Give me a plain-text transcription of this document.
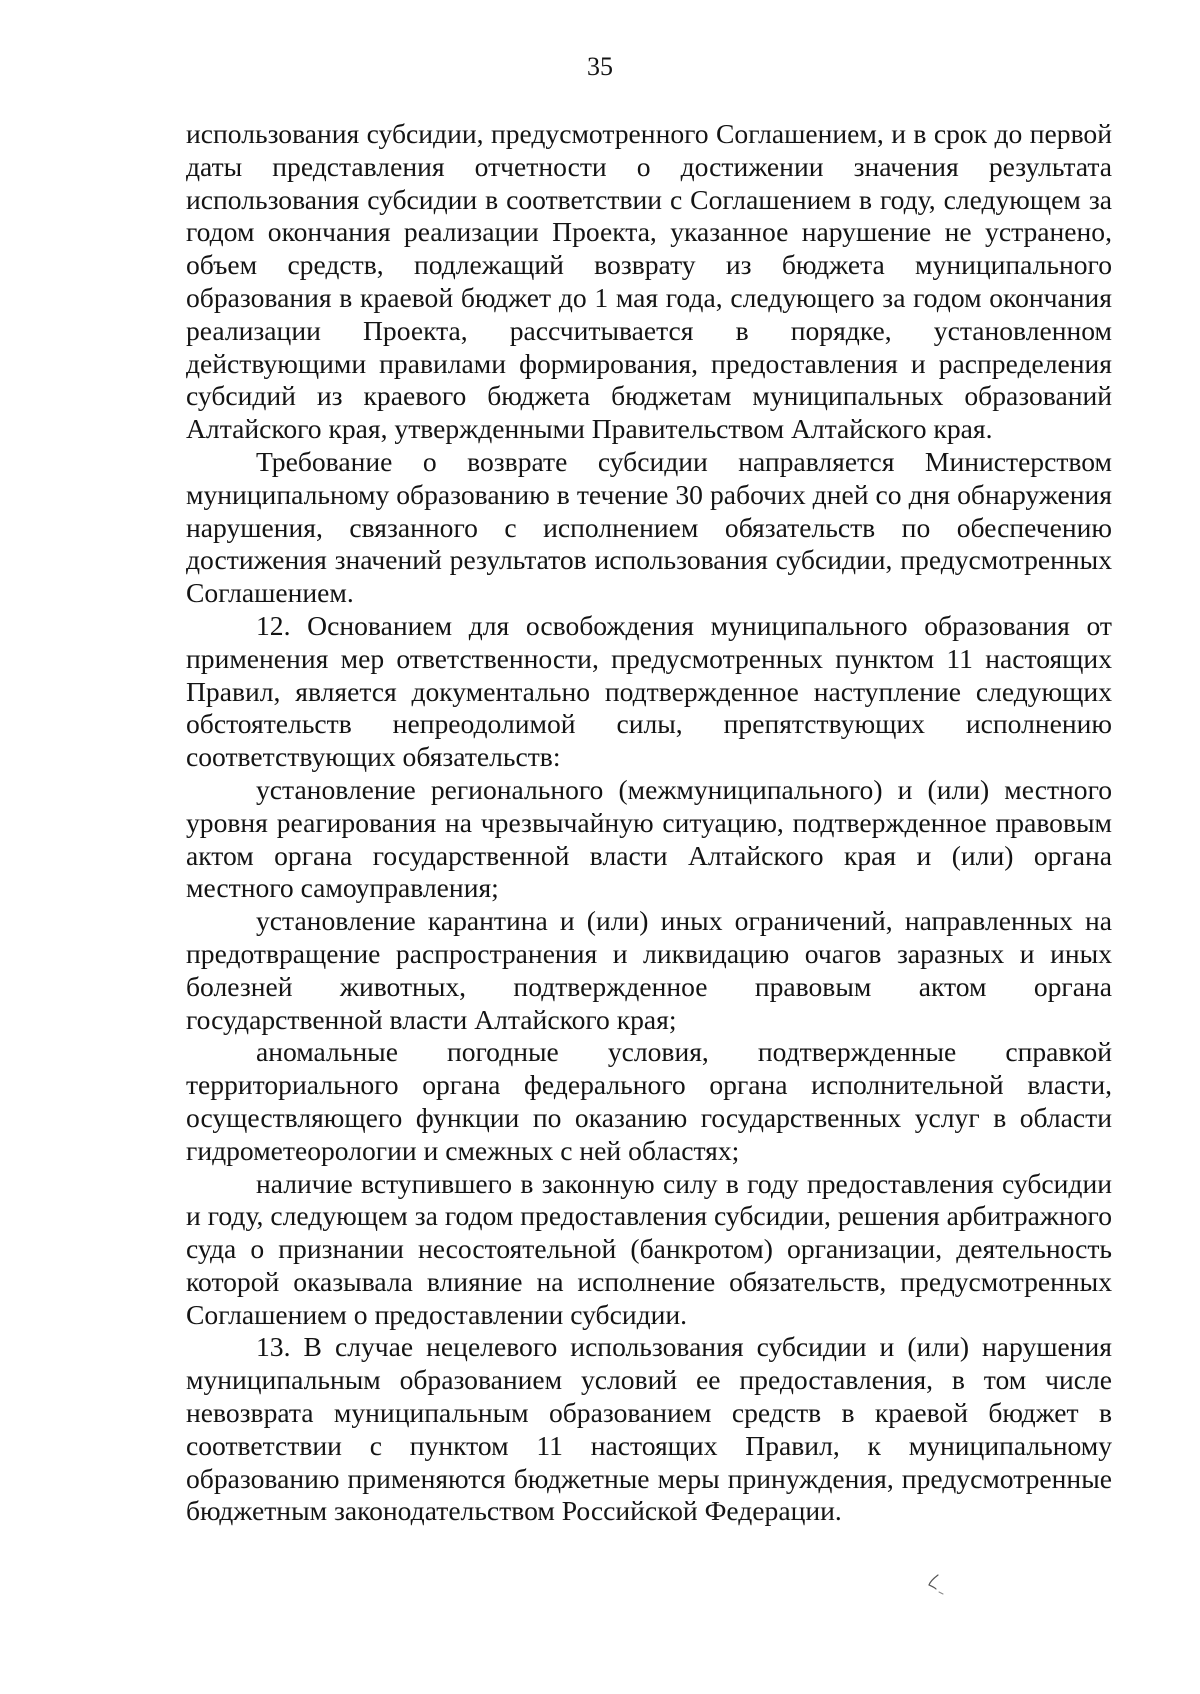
35

использования субсидии, предусмотренного Соглашением, и в срок до первой даты представления отчетности о достижении значения результата использования субсидии в соответствии с Соглашением в году, следующем за годом окончания реализации Проекта, указанное нарушение не устранено, объем средств, подлежащий возврату из бюджета муниципального образования в краевой бюджет до 1 мая года, следующего за годом окончания реализации Проекта, рассчитывается в порядке, установленном действующими правилами формирования, предоставления и распределения субсидий из краевого бюджета бюджетам муниципальных образований Алтайского края, утвержденными Правительством Алтайского края.

Требование о возврате субсидии направляется Министерством муниципальному образованию в течение 30 рабочих дней со дня обнаружения нарушения, связанного с исполнением обязательств по обеспечению достижения значений результатов использования субсидии, предусмотренных Соглашением.

12. Основанием для освобождения муниципального образования от применения мер ответственности, предусмотренных пунктом 11 настоящих Правил, является документально подтвержденное наступление следующих обстоятельств непреодолимой силы, препятствующих исполнению соответствующих обязательств:

установление регионального (межмуниципального) и (или) местного уровня реагирования на чрезвычайную ситуацию, подтвержденное правовым актом органа государственной власти Алтайского края и (или) органа местного самоуправления;

установление карантина и (или) иных ограничений, направленных на предотвращение распространения и ликвидацию очагов заразных и иных болезней животных, подтвержденное правовым актом органа государственной власти Алтайского края;

аномальные погодные условия, подтвержденные справкой территориального органа федерального органа исполнительной власти, осуществляющего функции по оказанию государственных услуг в области гидрометеорологии и смежных с ней областях;

наличие вступившего в законную силу в году предоставления субсидии и году, следующем за годом предоставления субсидии, решения арбитражного суда о признании несостоятельной (банкротом) организации, деятельность которой оказывала влияние на исполнение обязательств, предусмотренных Соглашением о предоставлении субсидии.

13. В случае нецелевого использования субсидии и (или) нарушения муниципальным образованием условий ее предоставления, в том числе невозврата муниципальным образованием средств в краевой бюджет в соответствии с пунктом 11 настоящих Правил, к муниципальному образованию применяются бюджетные меры принуждения, предусмотренные бюджетным законодательством Российской Федерации.
